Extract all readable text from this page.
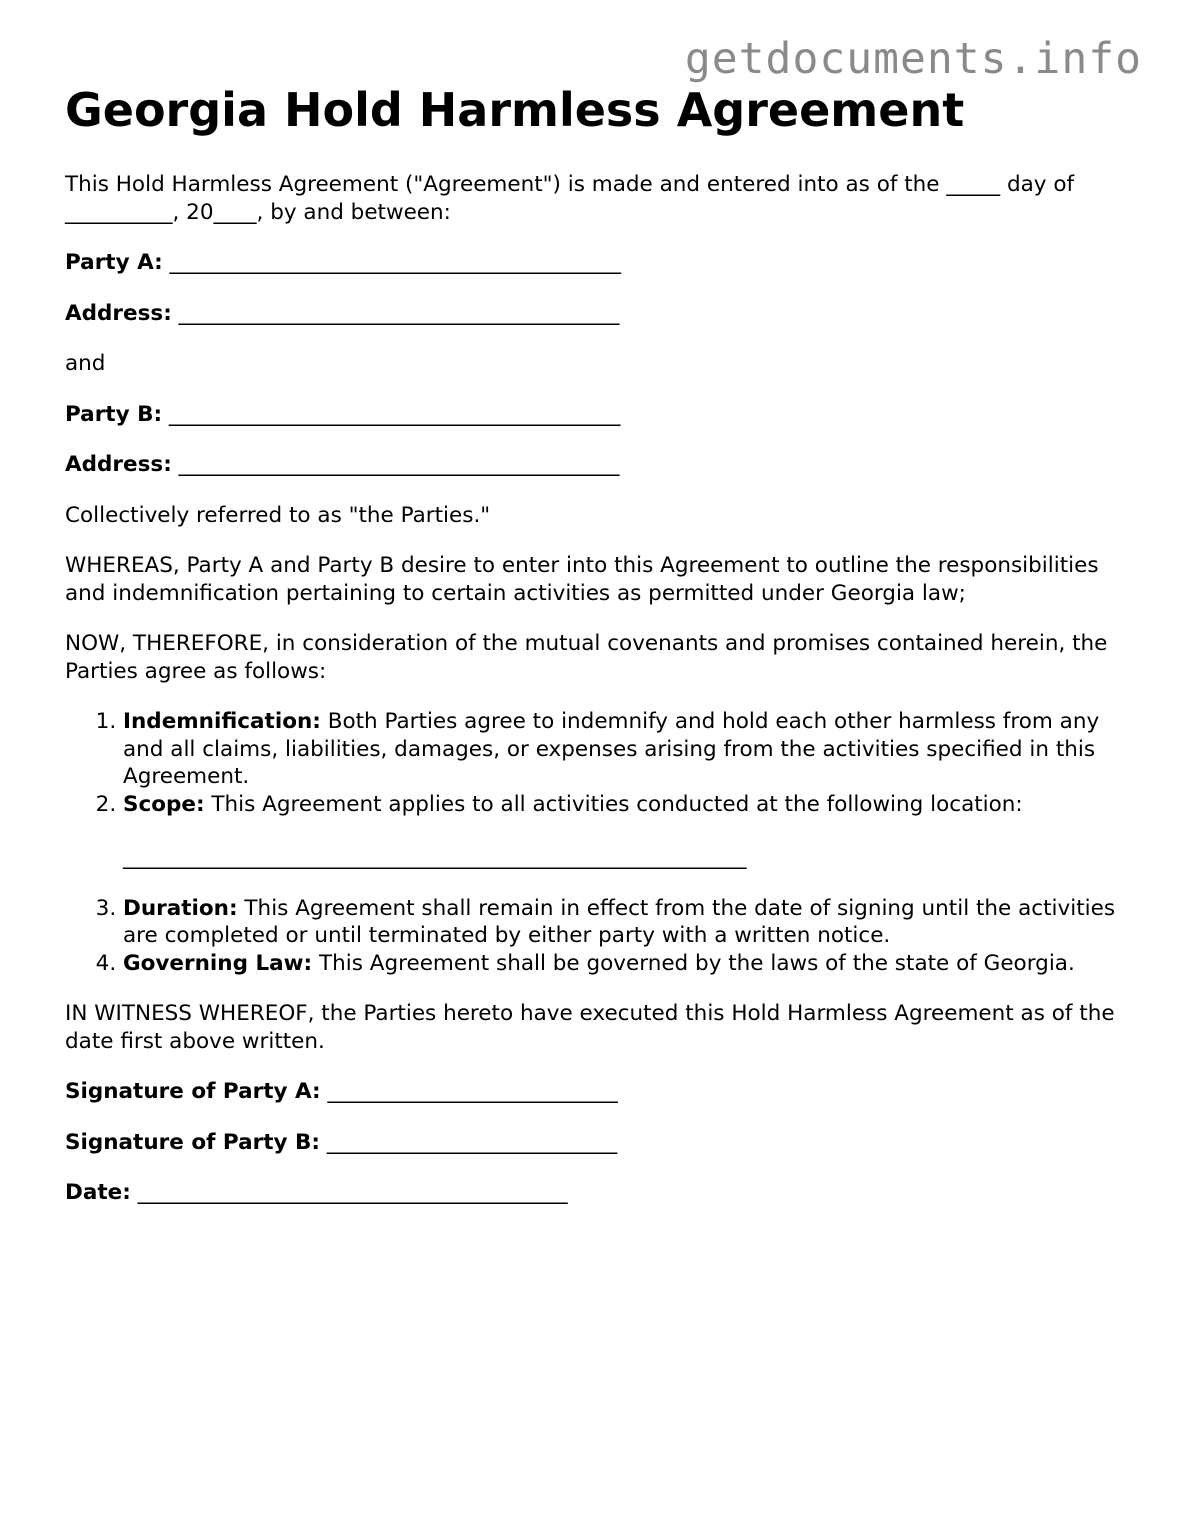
getdocuments.info
Georgia Hold Harmless Agreement

This Hold Harmless Agreement ("Agreement") is made and entered into as of the _____ day of __________, 20____, by and between:

Party A: __________________________________________

Address: _________________________________________

and

Party B: __________________________________________

Address: _________________________________________

Collectively referred to as "the Parties."

WHEREAS, Party A and Party B desire to enter into this Agreement to outline the responsibilities and indemnification pertaining to certain activities as permitted under Georgia law;

NOW, THEREFORE, in consideration of the mutual covenants and promises contained herein, the Parties agree as follows:

1. Indemnification: Both Parties agree to indemnify and hold each other harmless from any and all claims, liabilities, damages, or expenses arising from the activities specified in this Agreement.
2. Scope: This Agreement applies to all activities conducted at the following location:
__________________________________________________________
3. Duration: This Agreement shall remain in effect from the date of signing until the activities are completed or until terminated by either party with a written notice.
4. Governing Law: This Agreement shall be governed by the laws of the state of Georgia.

IN WITNESS WHEREOF, the Parties hereto have executed this Hold Harmless Agreement as of the date first above written.

Signature of Party A: ___________________________

Signature of Party B: ___________________________

Date: ________________________________________
